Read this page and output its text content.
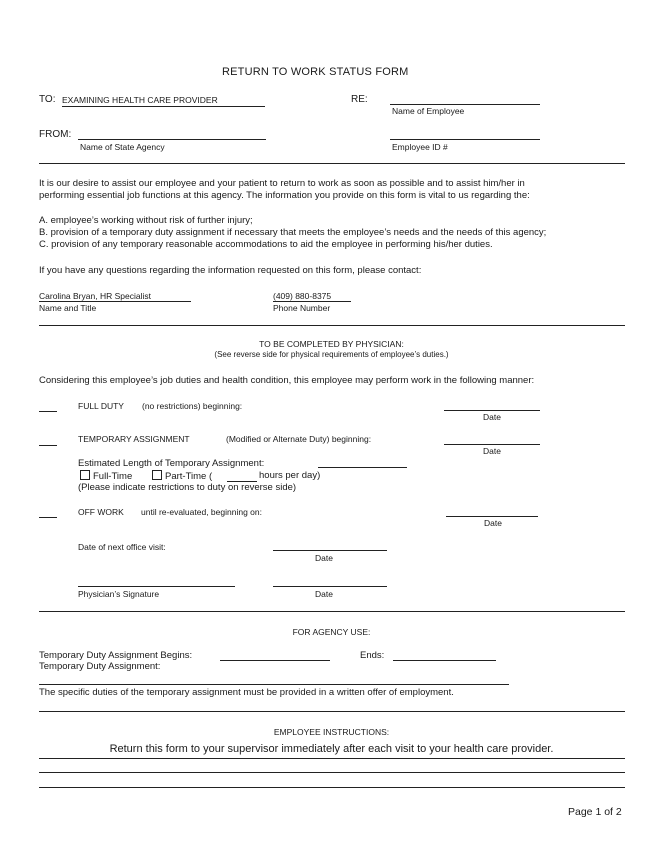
RETURN TO WORK STATUS FORM
TO: EXAMINING HEALTH CARE PROVIDER	RE:
Name of Employee
FROM:
Name of State Agency	Employee ID #
It is our desire to assist our employee and your patient to return to work as soon as possible and to assist him/her in
performing essential job functions at this agency. The information you provide on this form is vital to us regarding the:
A. employee’s working without risk of further injury;
B. provision of a temporary duty assignment if necessary that meets the employee’s needs and the needs of this agency;
C. provision of any temporary reasonable accommodations to aid the employee in performing his/her duties.
If you have any questions regarding the information requested on this form, please contact:
Carolina Bryan, HR Specialist
Name and Title
(409) 880-8375
Phone Number
TO BE COMPLETED BY PHYSICIAN:
(See reverse side for physical requirements of employee’s duties.)
Considering this employee’s job duties and health condition, this employee may perform work in the following manner:
FULL DUTY (no restrictions) beginning:
Date
TEMPORARY ASSIGNMENT	(Modified or Alternate Duty) beginning:
Date
Estimated Length of Temporary Assignment:
Full-Time	Part-Time (	hours per day)
(Please indicate restrictions to duty on reverse side)
OFF WORK until re-evaluated, beginning on:
Date
Date of next office visit:
Date
Physician’s Signature	Date
FOR AGENCY USE:
Temporary Duty Assignment Begins:	Ends:
Temporary Duty Assignment:
The specific duties of the temporary assignment must be provided in a written offer of employment.
EMPLOYEE INSTRUCTIONS:
Return this form to your supervisor immediately after each visit to your health care provider.
Page 1 of 2
